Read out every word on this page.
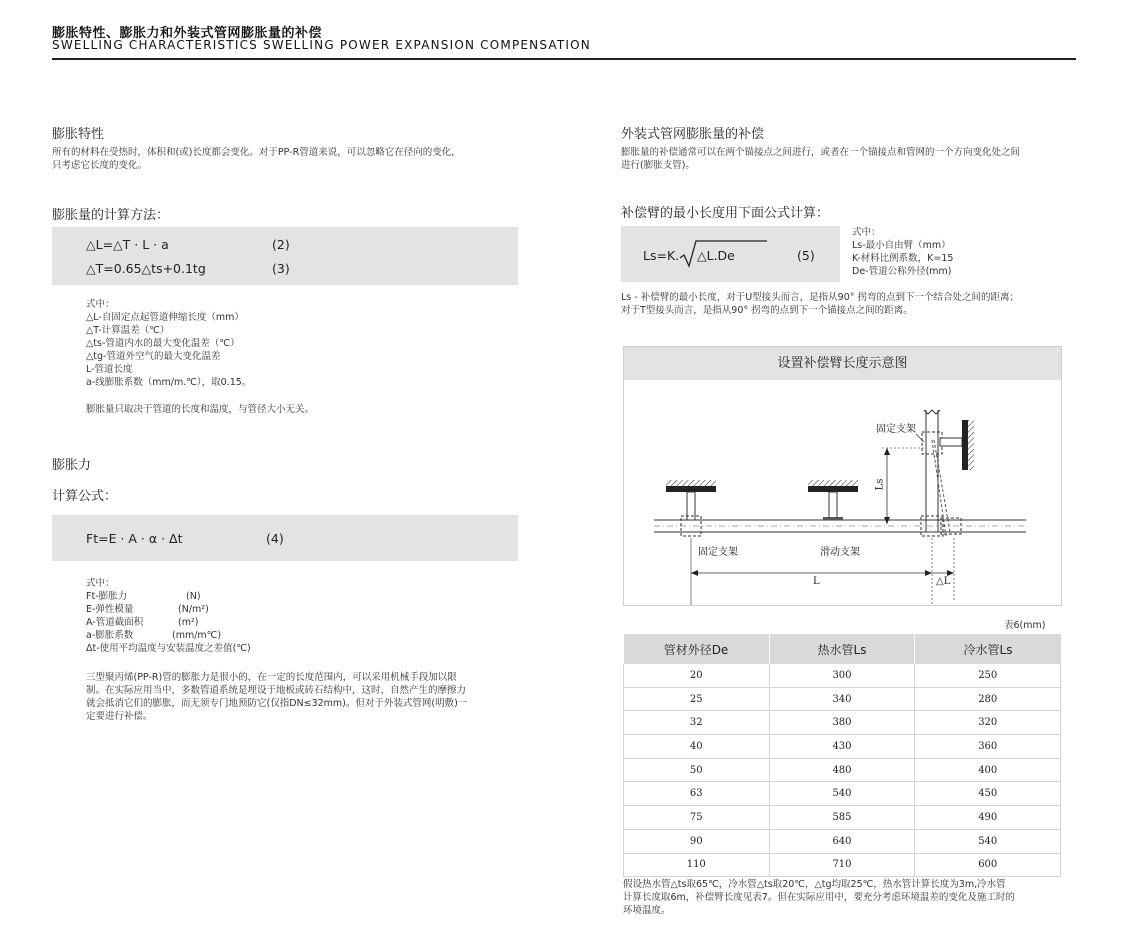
膨胀特性、膨胀力和外装式管网膨胀量的补偿
SWELLING CHARACTERISTICS SWELLING POWER EXPANSION COMPENSATION
膨胀特性
所有的材料在受热时，体积和(或)长度都会变化。对于PP-R管道来说，可以忽略它在径向的变化，
只考虑它长度的变化。
膨胀量的计算方法：
△L=△T · L · a	(2)
△T=0.65△ts+0.1tg	(3)
式中：
△L-自固定点起管道伸缩长度（mm）
△T-计算温差（℃）
△ts-管道内水的最大变化温差（℃）
△tg-管道外空气的最大变化温差
L-管道长度
a-线膨胀系数（mm/m.℃），取0.15。
膨胀量只取决于管道的长度和温度，与管径大小无关。
膨胀力
计算公式：
Ft=E · A · α · Δt	(4)
式中：
Ft-膨胀力	(N)
E-弹性模量	(N/m²)
A-管道截面积	(m²)
a-膨胀系数	(mm/m℃)
Δt-使用平均温度与安装温度之差值(℃)
三型聚丙烯(PP-R)管的膨胀力是很小的，在一定的长度范围内，可以采用机械手段加以限
制。在实际应用当中，多数管道系统是埋设于地板或砖石结构中，这时，自然产生的摩擦力
就会抵消它们的膨胀，而无须专门地预防它(仅指DN≤32mm)。但对于外装式管网(明敷)一
定要进行补偿。
外装式管网膨胀量的补偿
膨胀量的补偿通常可以在两个锚接点之间进行，或者在一个锚接点和管网的一个方向变化处之间
进行(膨胀支管)。
补偿臂的最小长度用下面公式计算：
Ls=K. △L.De	(5)
式中：
Ls-最小自由臂（mm）
K-材料比例系数，K=15
De-管道公称外径(mm)
Ls - 补偿臂的最小长度，对于U型接头而言，是指从90° 拐弯的点到下一个结合处之间的距离；
对于T型接头而言，是指从90° 拐弯的点到下一个锚接点之间的距离。
设置补偿臂长度示意图
固定支架
固定支架	滑动支架
Ls
L	△L
表6(mm)
管材外径De	热水管Ls	冷水管Ls
20	300	250
25	340	280
32	380	320
40	430	360
50	480	400
63	540	450
75	585	490
90	640	540
110	710	600
假设热水管△ts取65℃，冷水管△ts取20℃，△tg均取25℃，热水管计算长度为3m,冷水管
计算长度取6m，补偿臂长度见表7。但在实际应用中，要充分考虑环境温差的变化及施工时的
环境温度。
